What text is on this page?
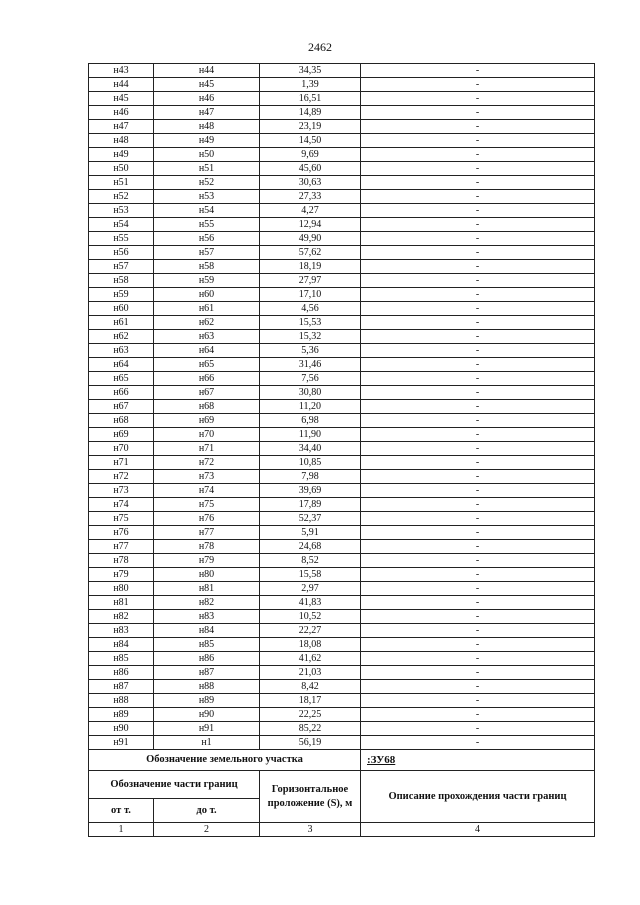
2462
н43	н44	34,35	-
н44	н45	1,39	-
н45	н46	16,51	-
н46	н47	14,89	-
н47	н48	23,19	-
н48	н49	14,50	-
н49	н50	9,69	-
н50	н51	45,60	-
н51	н52	30,63	-
н52	н53	27,33	-
н53	н54	4,27	-
н54	н55	12,94	-
н55	н56	49,90	-
н56	н57	57,62	-
н57	н58	18,19	-
н58	н59	27,97	-
н59	н60	17,10	-
н60	н61	4,56	-
н61	н62	15,53	-
н62	н63	15,32	-
н63	н64	5,36	-
н64	н65	31,46	-
н65	н66	7,56	-
н66	н67	30,80	-
н67	н68	11,20	-
н68	н69	6,98	-
н69	н70	11,90	-
н70	н71	34,40	-
н71	н72	10,85	-
н72	н73	7,98	-
н73	н74	39,69	-
н74	н75	17,89	-
н75	н76	52,37	-
н76	н77	5,91	-
н77	н78	24,68	-
н78	н79	8,52	-
н79	н80	15,58	-
н80	н81	2,97	-
н81	н82	41,83	-
н82	н83	10,52	-
н83	н84	22,27	-
н84	н85	18,08	-
н85	н86	41,62	-
н86	н87	21,03	-
н87	н88	8,42	-
н88	н89	18,17	-
н89	н90	22,25	-
н90	н91	85,22	-
н91	н1	56,19	-
Обозначение земельного участка			:ЗУ68
Обозначение части границ		Горизонтальное проложение (S), м	Описание прохождения части границ
от т.	до т.		
1	2	3	4
